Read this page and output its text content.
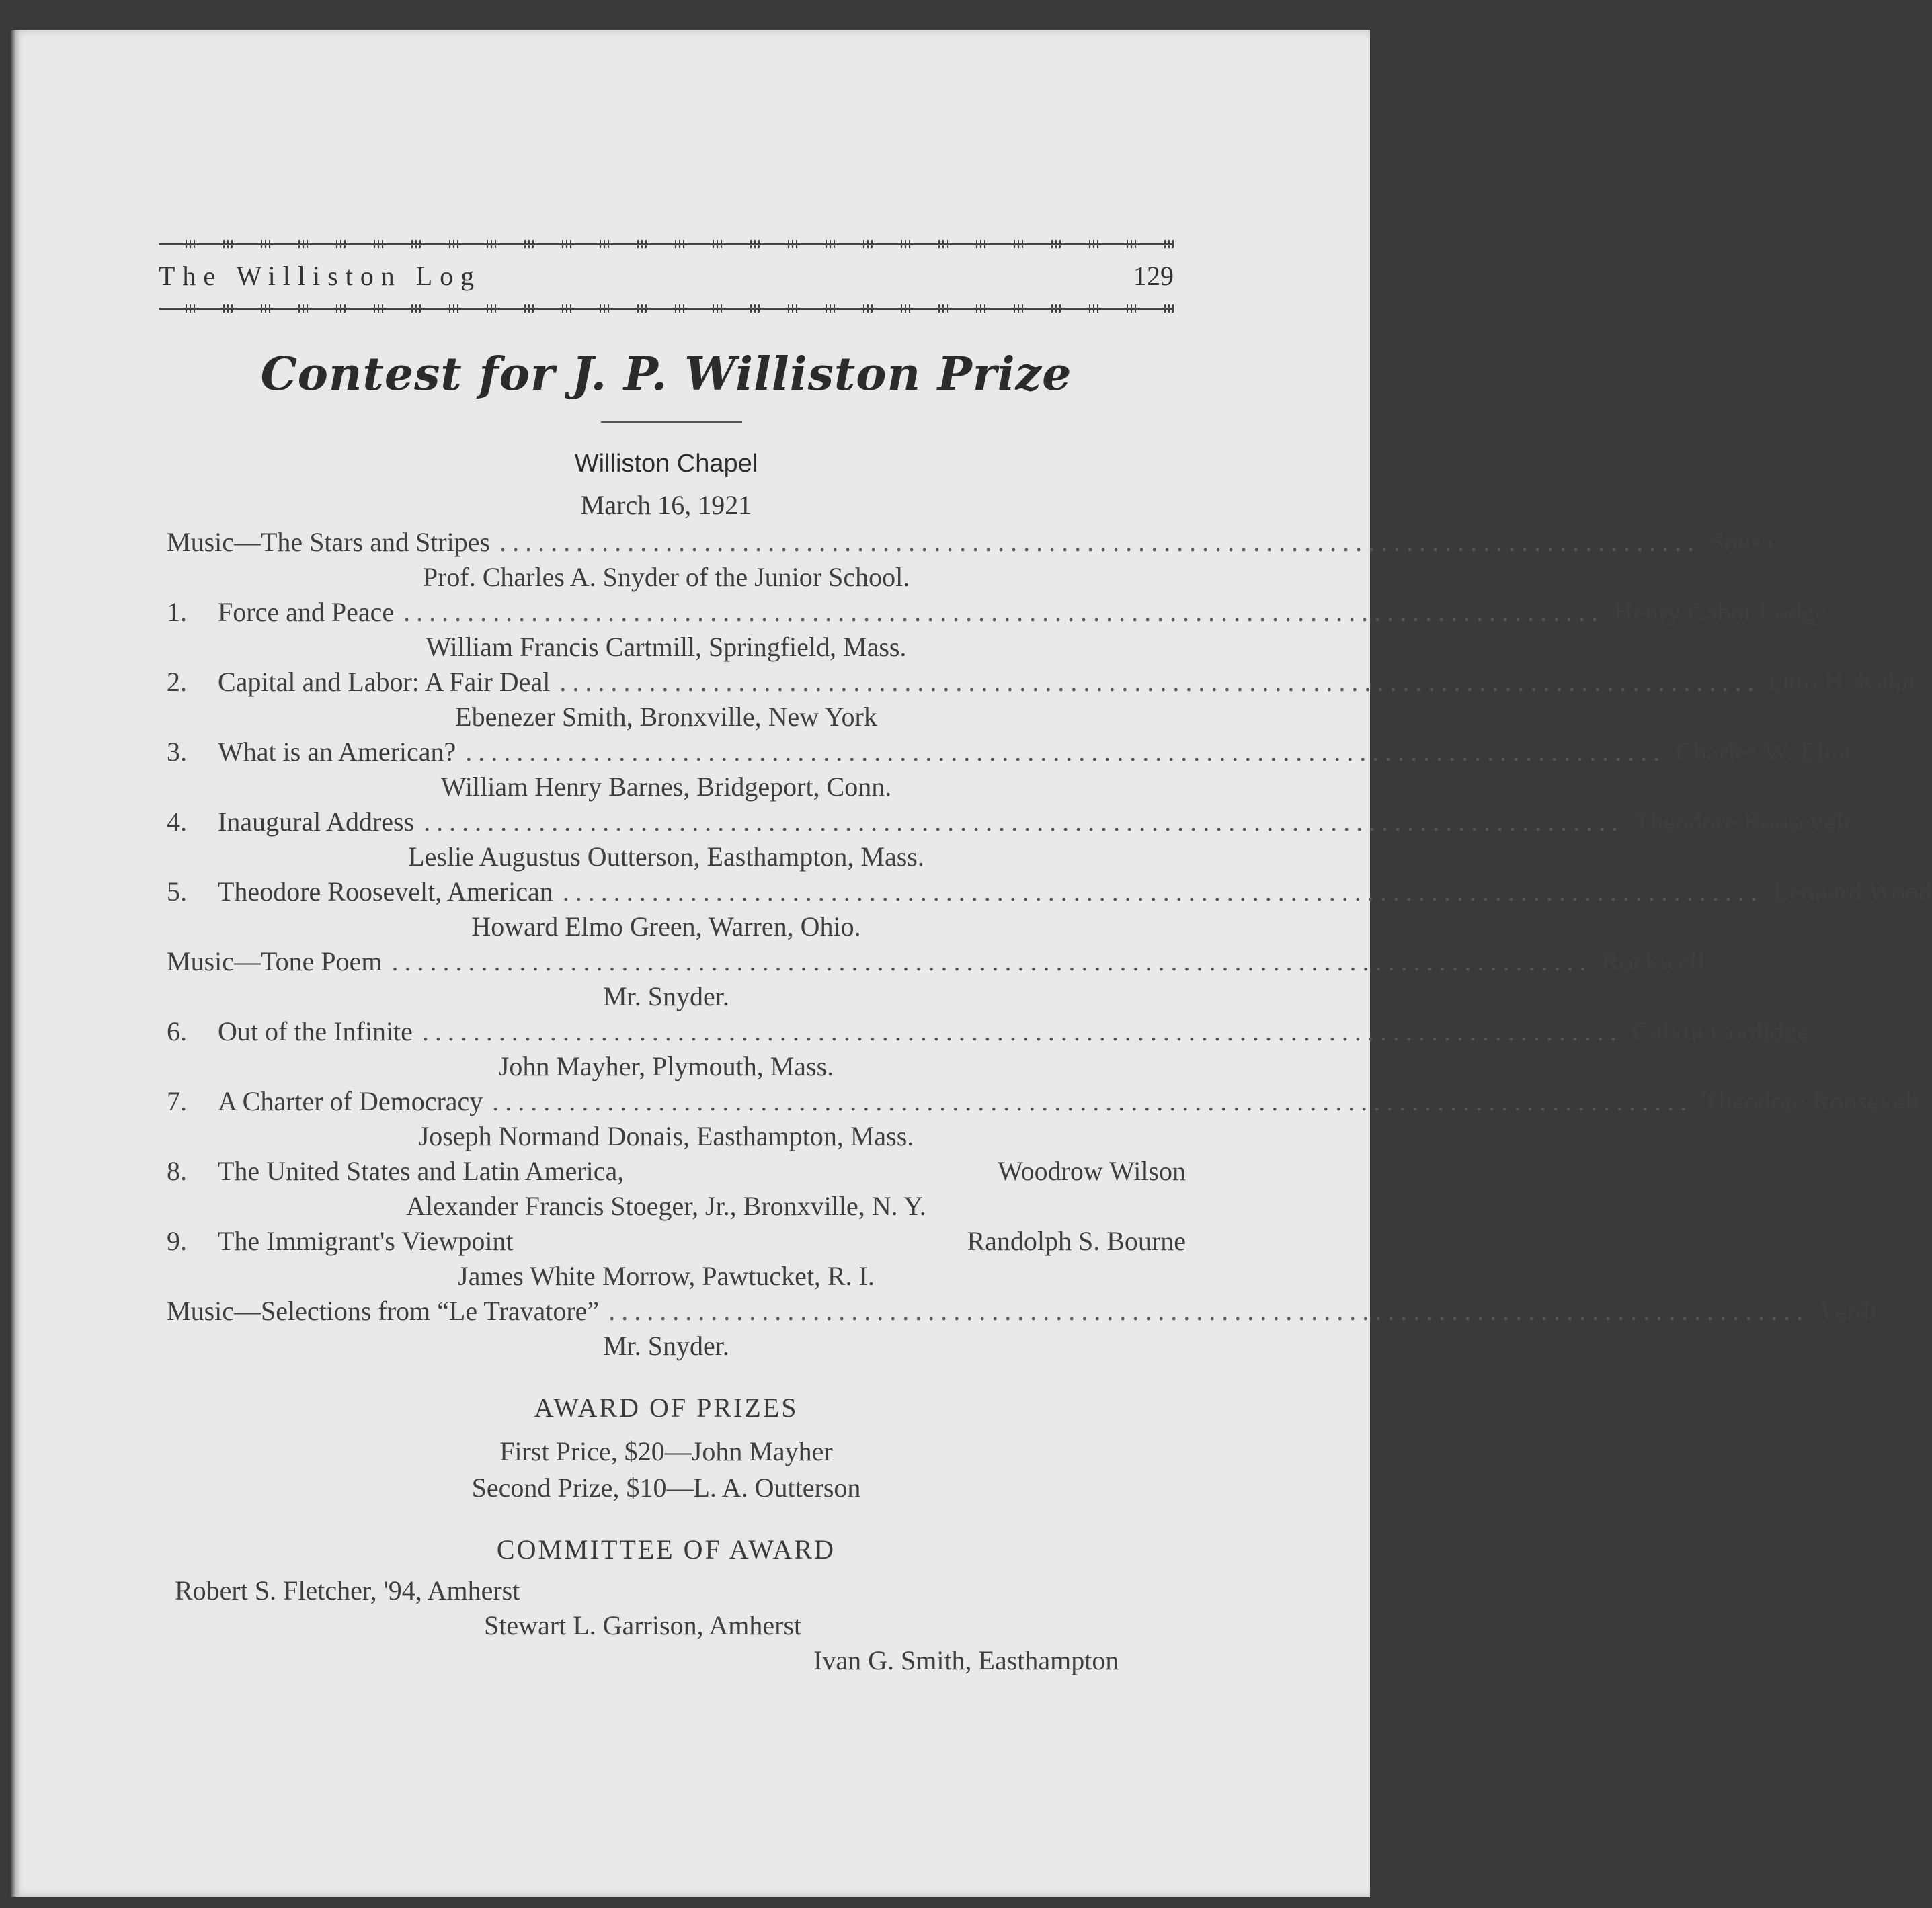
The Williston Log	129
Contest for J. P. Williston Prize
Williston Chapel
March 16, 1921
Music—The Stars and Stripes .............................................................................................. Sousa
Prof. Charles A. Snyder of the Junior School.
1.	Force and Peace .............................................................................................. Henry Cabot Lodge
William Francis Cartmill, Springfield, Mass.
2.	Capital and Labor: A Fair Deal .............................................................................................. Otto H. Kahn
Ebenezer Smith, Bronxville, New York
3.	What is an American? .............................................................................................. Charles W. Eliot
William Henry Barnes, Bridgeport, Conn.
4.	Inaugural Address .............................................................................................. Theodore Roosevelt
Leslie Augustus Outterson, Easthampton, Mass.
5.	Theodore Roosevelt, American .............................................................................................. Leonard Wood
Howard Elmo Green, Warren, Ohio.
Music—Tone Poem .............................................................................................. Rockwell
Mr. Snyder.
6.	Out of the Infinite .............................................................................................. Calvin Coolidge
John Mayher, Plymouth, Mass.
7.	A Charter of Democracy .............................................................................................. Theodore Roosevelt
Joseph Normand Donais, Easthampton, Mass.
8.	The United States and Latin America,	Woodrow Wilson
Alexander Francis Stoeger, Jr., Bronxville, N. Y.
9.	The Immigrant's Viewpoint	Randolph S. Bourne
James White Morrow, Pawtucket, R. I.
Music—Selections from “Le Travatore” .............................................................................................. Verdi
Mr. Snyder.
AWARD OF PRIZES
First Price, $20—John Mayher
Second Prize, $10—L. A. Outterson
COMMITTEE OF AWARD
Robert S. Fletcher, '94, Amherst
Stewart L. Garrison, Amherst
Ivan G. Smith, Easthampton
